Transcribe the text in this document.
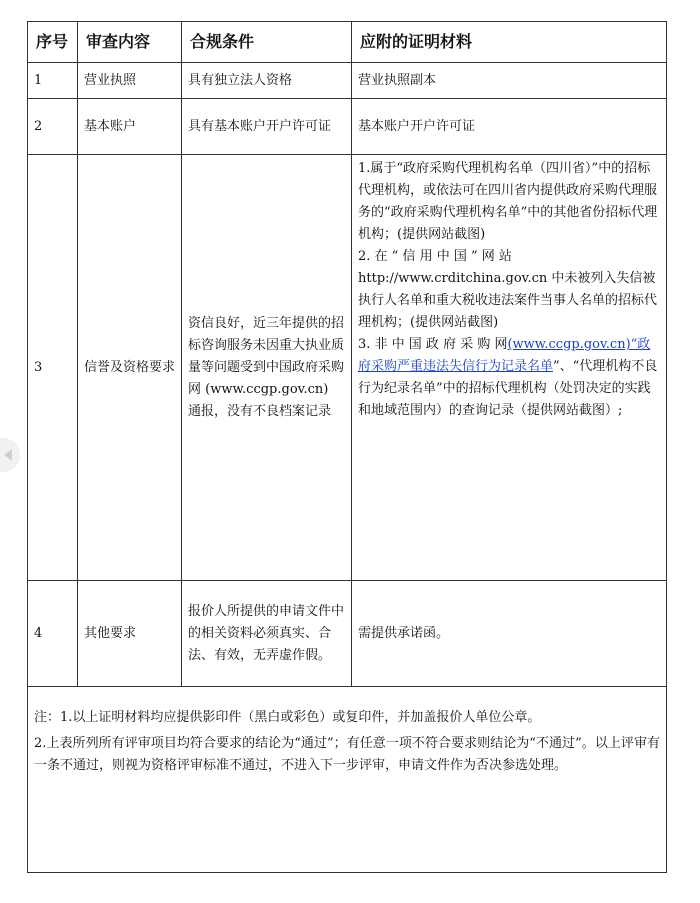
序号	审查内容	合规条件	应附的证明材料
1	营业执照	具有独立法人资格	营业执照副本
2	基本账户	具有基本账户开户许可证	基本账户开户许可证
3	信誉及资格要求	资信良好，近三年提供的招标咨询服务未因重大执业质量等问题受到中国政府采购网 (www.ccgp.gov.cn) 通报，没有不良档案记录	1.属于“政府采购代理机构名单（四川省）”中的招标代理机构，或依法可在四川省内提供政府采购代理服务的“政府采购代理机构名单”中的其他省份招标代理机构；(提供网站截图)
2. 在 “ 信 用 中 国 ” 网 站 http://www.crditchina.gov.cn 中未被列入失信被执行人名单和重大税收违法案件当事人名单的招标代理机构；(提供网站截图)
3. 非 中 国 政 府 采 购 网(www.ccgp.gov.cn)“政府采购严重违法失信行为记录名单”、“代理机构不良行为纪录名单”中的招标代理机构（处罚决定的实践和地域范围内）的查询记录（提供网站截图）;

4	其他要求	报价人所提供的申请文件中的相关资料必须真实、合法、有效，无弄虚作假。	需提供承诺函。

注：1.以上证明材料均应提供影印件（黑白或彩色）或复印件，并加盖报价人单位公章。

2.上表所列所有评审项目均符合要求的结论为“通过”；有任意一项不符合要求则结论为“不通过”。以上评审有一条不通过，则视为资格评审标准不通过，不进入下一步评审，申请文件作为否决参选处理。			
